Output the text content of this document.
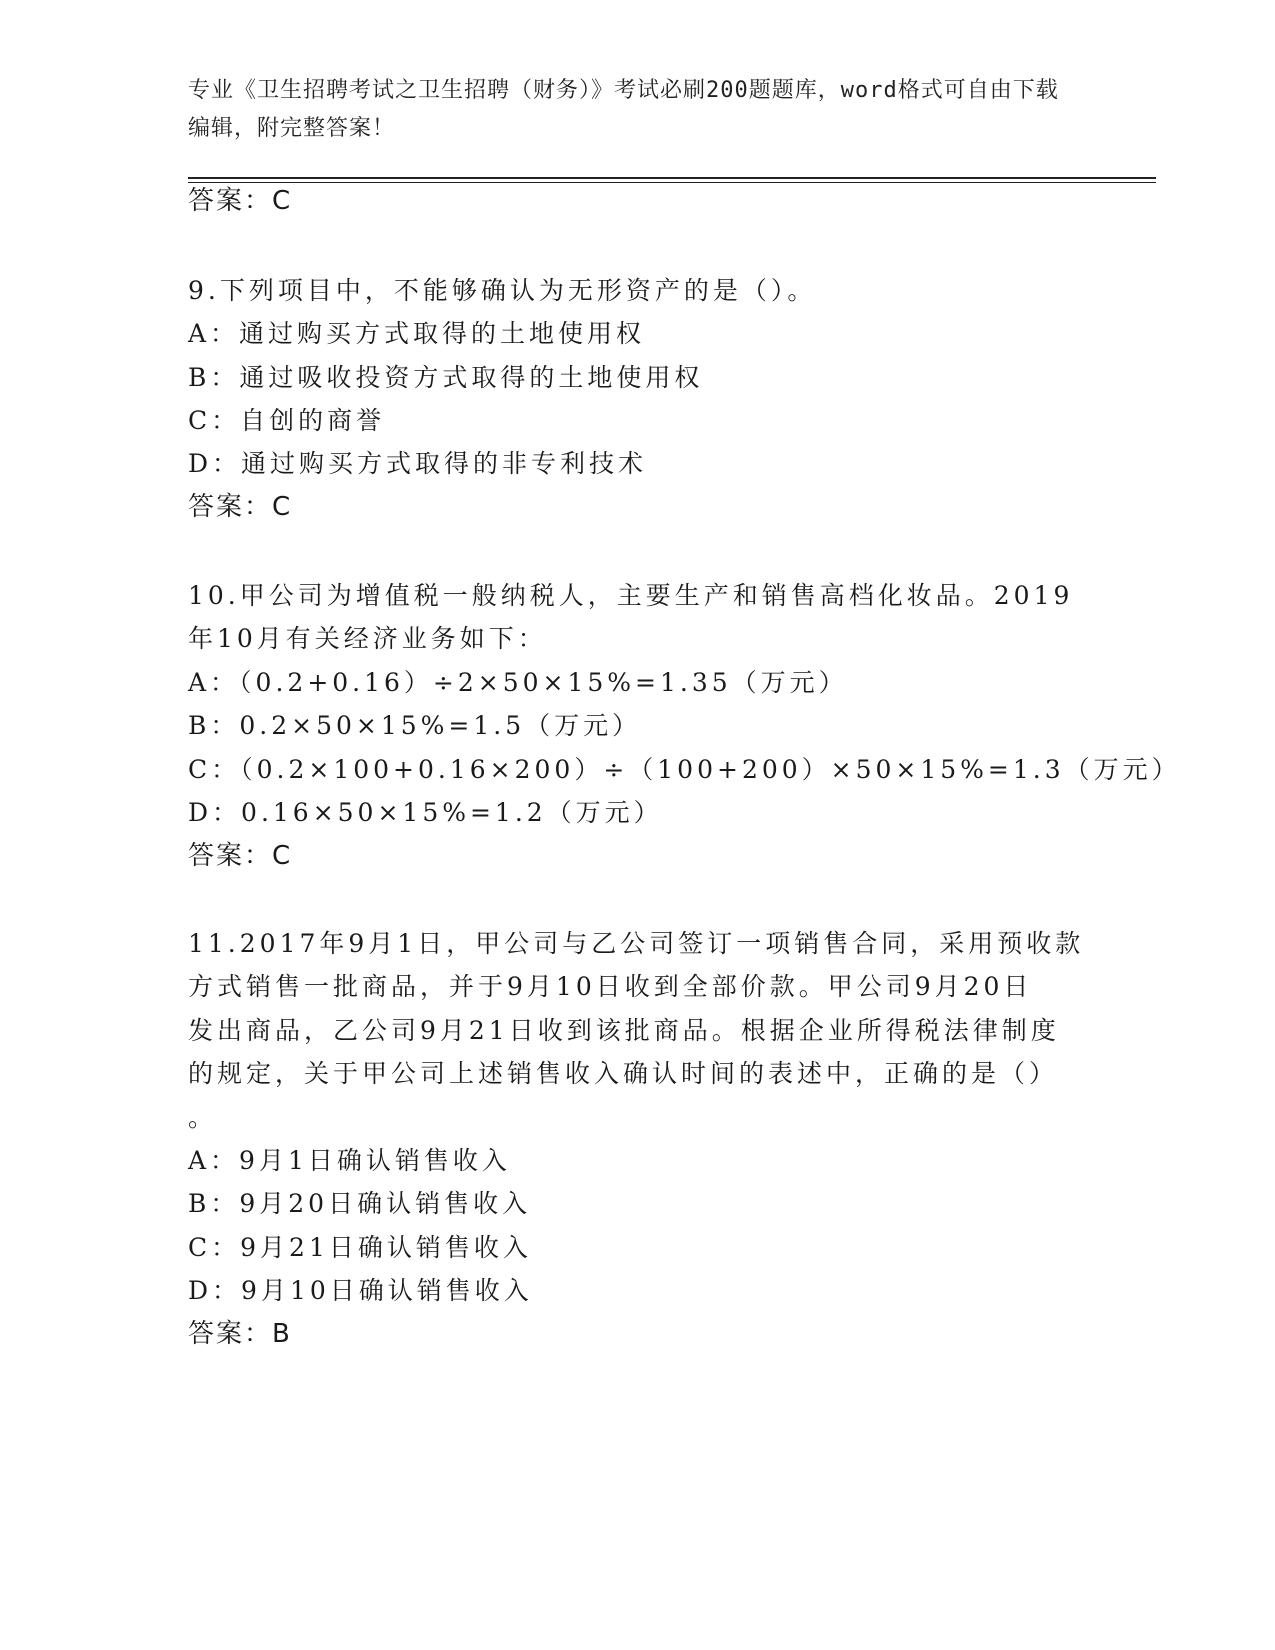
专业《卫生招聘考试之卫生招聘（财务）》考试必刷200题题库，word格式可自由下载编辑，附完整答案！
答案：C
9.下列项目中，不能够确认为无形资产的是（）。
A：通过购买方式取得的土地使用权
B：通过吸收投资方式取得的土地使用权
C：自创的商誉
D：通过购买方式取得的非专利技术
答案：C
10.甲公司为增值税一般纳税人，主要生产和销售高档化妆品。2019
年10月有关经济业务如下：
A：（0.2+0.16）÷2×50×15%=1.35（万元）
B：0.2×50×15%=1.5（万元）
C：（0.2×100+0.16×200）÷（100+200）×50×15%=1.3（万元）
D：0.16×50×15%=1.2（万元）
答案：C
11.2017年9月1日，甲公司与乙公司签订一项销售合同，采用预收款
方式销售一批商品，并于9月10日收到全部价款。甲公司9月20日
发出商品，乙公司9月21日收到该批商品。根据企业所得税法律制度
的规定，关于甲公司上述销售收入确认时间的表述中，正确的是（）
。
A：9月1日确认销售收入
B：9月20日确认销售收入
C：9月21日确认销售收入
D：9月10日确认销售收入
答案：B
